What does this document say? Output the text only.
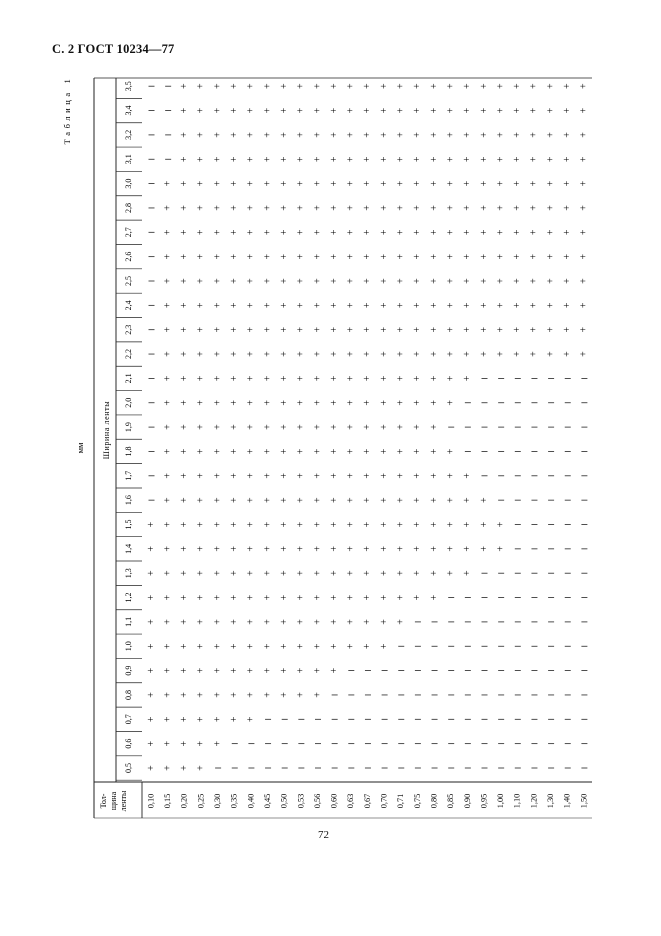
С. 2 ГОСТ 10234—77
Таблица 1
мм Ширина ленты
Тол- щина ленты
0,5
0,6
0,7
0,8
0,9
1,0
1,1
1,2
1,3
1,4
1,5
1,6
1,7
1,8
1,9
2,0
2,1
2,2
2,3
2,4
2,5
2,6
2,7
2,8
3,0
3,1
3,2
3,4
3,5
0,10 0,15 0,20 0,25 0,30 0,35 0,40 0,45 0,50 0,53 0,56 0,60 0,63 0,67 0,70 0,71 0,75 0,80 0,85 0,90 0,95 1,00 1,10 1,20 1,30 1,40 1,50
+ + + +
+ + + + +
+ + + + + + +
+ + + + + + + + + + +
+ + + + + + + + + + + +
+ + + + + + + + + + + + + + +
+ + + + + + + + + + + + + + + +
+ + + + + + + + + + + + + + + + + +
+ + + + + + + + + + + + + + + + + + + +
+ + + + + + + + + + + + + + + + + + + + + +
+ + + + + + + + + + + + + + + + + + + + + +
+ + + + + + + + + + + + + + + + + + + +
+ + + + + + + + + + + + + + + + + + +
+ + + + + + + + + + + + + + + + + +
+ + + + + + + + + + + + + + + + +
+ + + + + + + + + + + + + + + + + +
+ + + + + + + + + + + + + + + + + + +
+ + + + + + + + + + + + + + + + + + + + + + + + + +
+ + + + + + + + + + + + + + + + + + + + + + + + + +
+ + + + + + + + + + + + + + + + + + + + + + + + + +
+ + + + + + + + + + + + + + + + + + + + + + + + + +
+ + + + + + + + + + + + + + + + + + + + + + + + + +
+ + + + + + + + + + + + + + + + + + + + + + + + + +
+ + + + + + + + + + + + + + + + + + + + + + + + + +
+ + + + + + + + + + + + + + + + + + + + + + + + + +
+ + + + + + + + + + + + + + + + + + + + + + + + +
+ + + + + + + + + + + + + + + + + + + + + + + + +
+ + + + + + + + + + + + + + + + + + + + + + + + +
+ + + + + + + + + + + + + + + + + + + + + + + + +
72
